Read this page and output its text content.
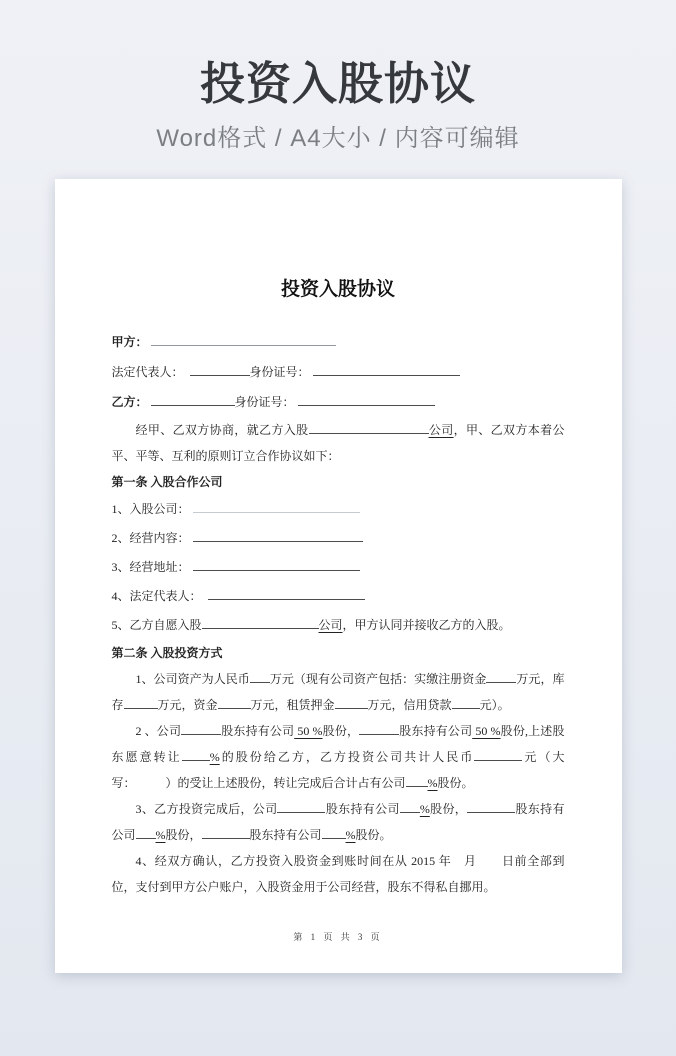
投资入股协议
Word格式 / A4大小 / 内容可编辑
投资入股协议

甲方：

法定代表人：　	身份证号：

乙方：	身份证号：

经甲、乙双方协商，就乙方入股	公司，甲、乙双方本着公平、平等、互利的原则订立合作协议如下：

第一条 入股合作公司

1、入股公司：

2、经营内容：

3、经营地址：

4、法定代表人：　

5、乙方自愿入股	公司，甲方认同并接收乙方的入股。

第二条 入股投资方式

1、公司资产为人民币 万元（现有公司资产包括：实缴注册资金	万元，库存	万元，资金	万元，租赁押金	万元，信用贷款 元）。

2 、公司	股东持有公司 50 %股份，	股东持有公司 50 %股份,上述股东愿意转让 %的股份给乙方，乙方投资公司共计人民币	元（大写：　　　）的受让上述股份，转让完成后合计占有公司 %股份。

3、乙方投资完成后，公司	股东持有公司 %股份，	股东持有公司 %股份，	股东持有公司 %股份。

4、经双方确认，乙方投资入股资金到账时间在从 2015 年　月　　日前全部到位，支付到甲方公户账户，入股资金用于公司经营，股东不得私自挪用。

第 1 页 共 3 页
